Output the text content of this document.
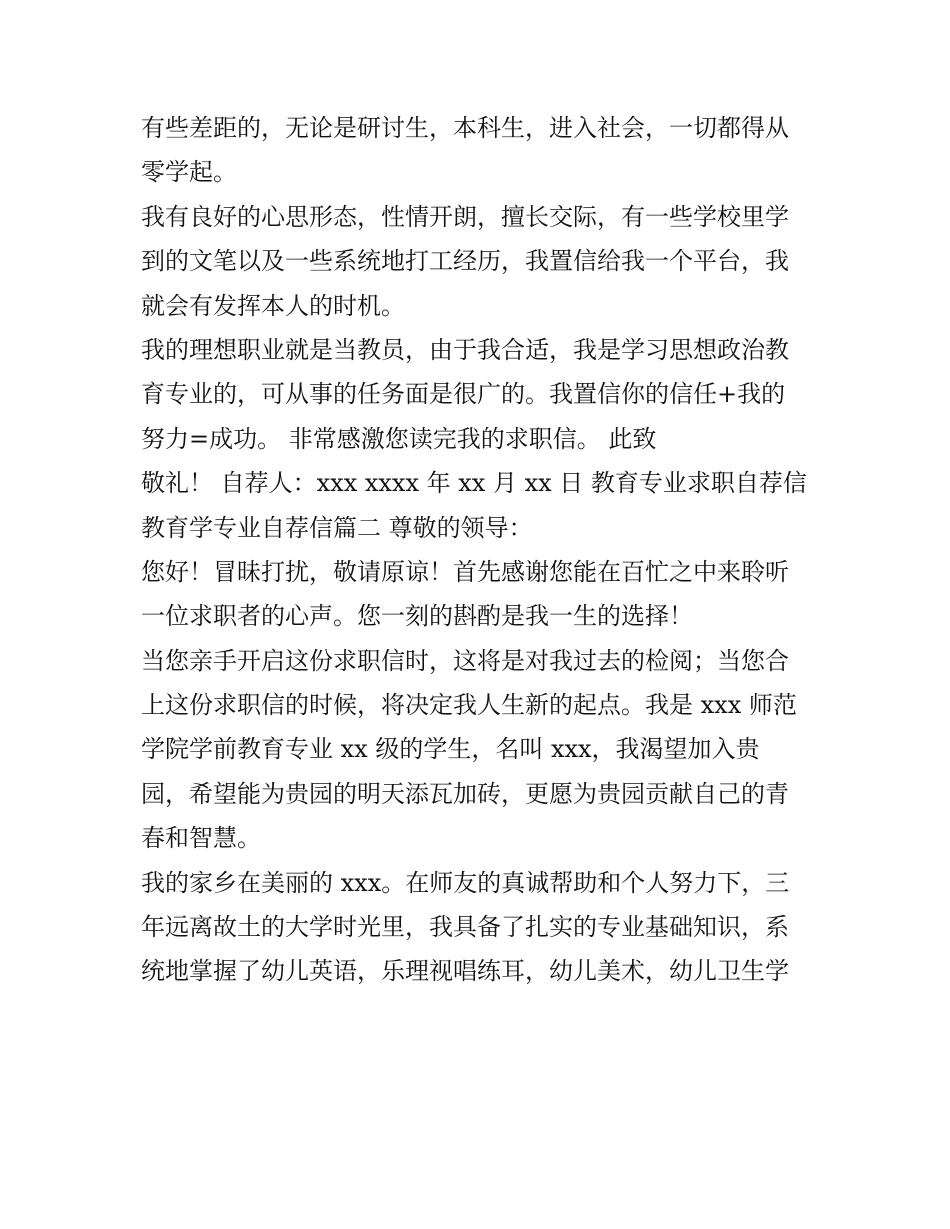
有些差距的，无论是研讨生，本科生，进入社会，一切都得从
零学起。
我有良好的心思形态，性情开朗，擅长交际，有一些学校里学
到的文笔以及一些系统地打工经历，我置信给我一个平台，我
就会有发挥本人的时机。
我的理想职业就是当教员，由于我合适，我是学习思想政治教
育专业的，可从事的任务面是很广的。我置信你的信任+我的
努力=成功。 非常感激您读完我的求职信。 此致
敬礼！ 自荐人：xxx xxxx 年 xx 月 xx 日 教育专业求职自荐信
教育学专业自荐信篇二 尊敬的领导：
您好！冒昧打扰，敬请原谅！首先感谢您能在百忙之中来聆听
一位求职者的心声。您一刻的斟酌是我一生的选择！
当您亲手开启这份求职信时，这将是对我过去的检阅；当您合
上这份求职信的时候，将决定我人生新的起点。我是 xxx 师范
学院学前教育专业 xx 级的学生，名叫 xxx，我渴望加入贵
园，希望能为贵园的明天添瓦加砖，更愿为贵园贡献自己的青
春和智慧。
我的家乡在美丽的 xxx。在师友的真诚帮助和个人努力下，三
年远离故土的大学时光里，我具备了扎实的专业基础知识，系
统地掌握了幼儿英语，乐理视唱练耳，幼儿美术，幼儿卫生学
